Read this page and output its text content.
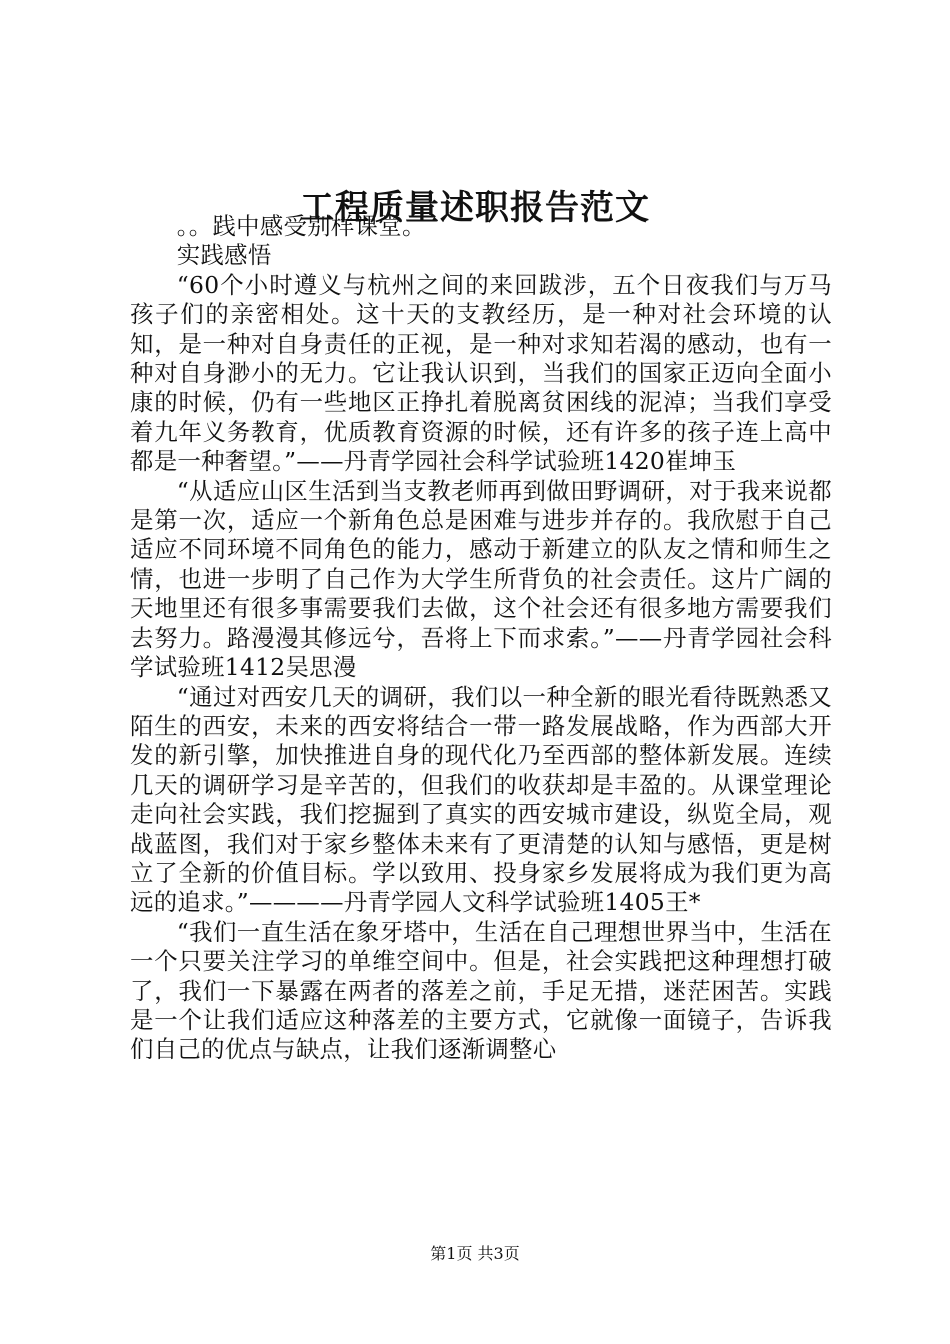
工程质量述职报告范文

。。践中感受别样课堂。

实践感悟

“60个小时遵义与杭州之间的来回跋涉，五个日夜我们与万马孩子们的亲密相处。这十天的支教经历，是一种对社会环境的认知，是一种对自身责任的正视，是一种对求知若渴的感动，也有一种对自身渺小的无力。它让我认识到，当我们的国家正迈向全面小康的时候，仍有一些地区正挣扎着脱离贫困线的泥淖；当我们享受着九年义务教育，优质教育资源的时候，还有许多的孩子连上高中都是一种奢望。”——丹青学园社会科学试验班1420崔坤玉

“从适应山区生活到当支教老师再到做田野调研，对于我来说都是第一次，适应一个新角色总是困难与进步并存的。我欣慰于自己适应不同环境不同角色的能力，感动于新建立的队友之情和师生之情，也进一步明了自己作为大学生所背负的社会责任。这片广阔的天地里还有很多事需要我们去做，这个社会还有很多地方需要我们去努力。路漫漫其修远兮，吾将上下而求索。”——丹青学园社会科学试验班1412吴思漫

“通过对西安几天的调研，我们以一种全新的眼光看待既熟悉又陌生的西安，未来的西安将结合一带一路发展战略，作为西部大开发的新引擎，加快推进自身的现代化乃至西部的整体新发展。连续几天的调研学习是辛苦的，但我们的收获却是丰盈的。从课堂理论走向社会实践，我们挖掘到了真实的西安城市建设，纵览全局，观战蓝图，我们对于家乡整体未来有了更清楚的认知与感悟，更是树立了全新的价值目标。学以致用、投身家乡发展将成为我们更为高远的追求。”————丹青学园人文科学试验班1405王*

“我们一直生活在象牙塔中，生活在自己理想世界当中，生活在一个只要关注学习的单维空间中。但是，社会实践把这种理想打破了，我们一下暴露在两者的落差之前，手足无措，迷茫困苦。实践是一个让我们适应这种落差的主要方式，它就像一面镜子，告诉我们自己的优点与缺点，让我们逐渐调整心

第1页 共3页
